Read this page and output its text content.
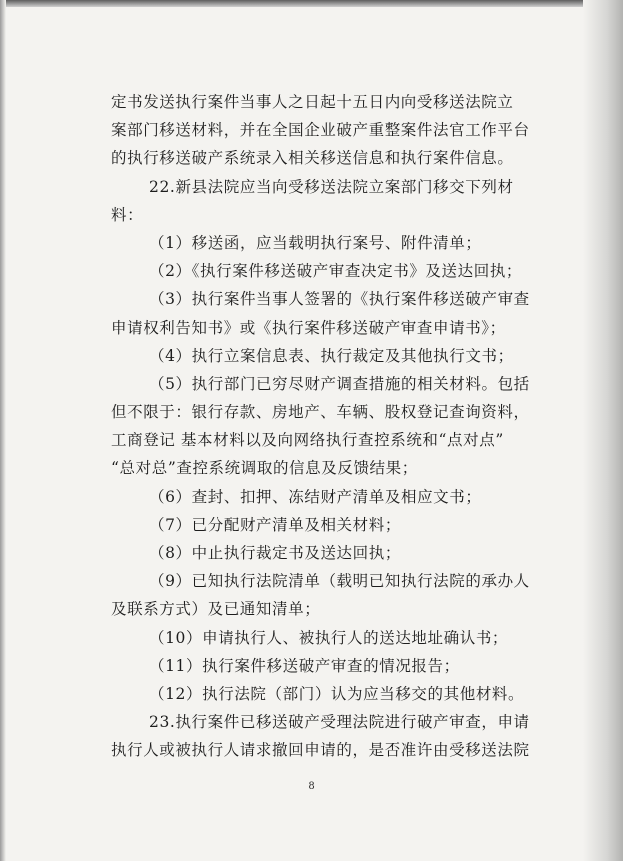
定书发送执行案件当事人之日起十五日内向受移送法院立
案部门移送材料，并在全国企业破产重整案件法官工作平台
的执行移送破产系统录入相关移送信息和执行案件信息。
22.新县法院应当向受移送法院立案部门移交下列材
料：
（1）移送函，应当载明执行案号、附件清单；
（2）《执行案件移送破产审查决定书》及送达回执；
（3）执行案件当事人签署的《执行案件移送破产审查
申请权利告知书》或《执行案件移送破产审查申请书》；
（4）执行立案信息表、执行裁定及其他执行文书；
（5）执行部门已穷尽财产调查措施的相关材料。包括
但不限于：银行存款、房地产、车辆、股权登记查询资料，
工商登记 基本材料以及向网络执行查控系统和“点对点”
“总对总”查控系统调取的信息及反馈结果；
（6）查封、扣押、冻结财产清单及相应文书；
（7）已分配财产清单及相关材料；
（8）中止执行裁定书及送达回执；
（9）已知执行法院清单（载明已知执行法院的承办人
及联系方式）及已通知清单；
（10）申请执行人、被执行人的送达地址确认书；
（11）执行案件移送破产审查的情况报告；
（12）执行法院（部门）认为应当移交的其他材料。
23.执行案件已移送破产受理法院进行破产审查，申请
执行人或被执行人请求撤回申请的，是否准许由受移送法院
8
